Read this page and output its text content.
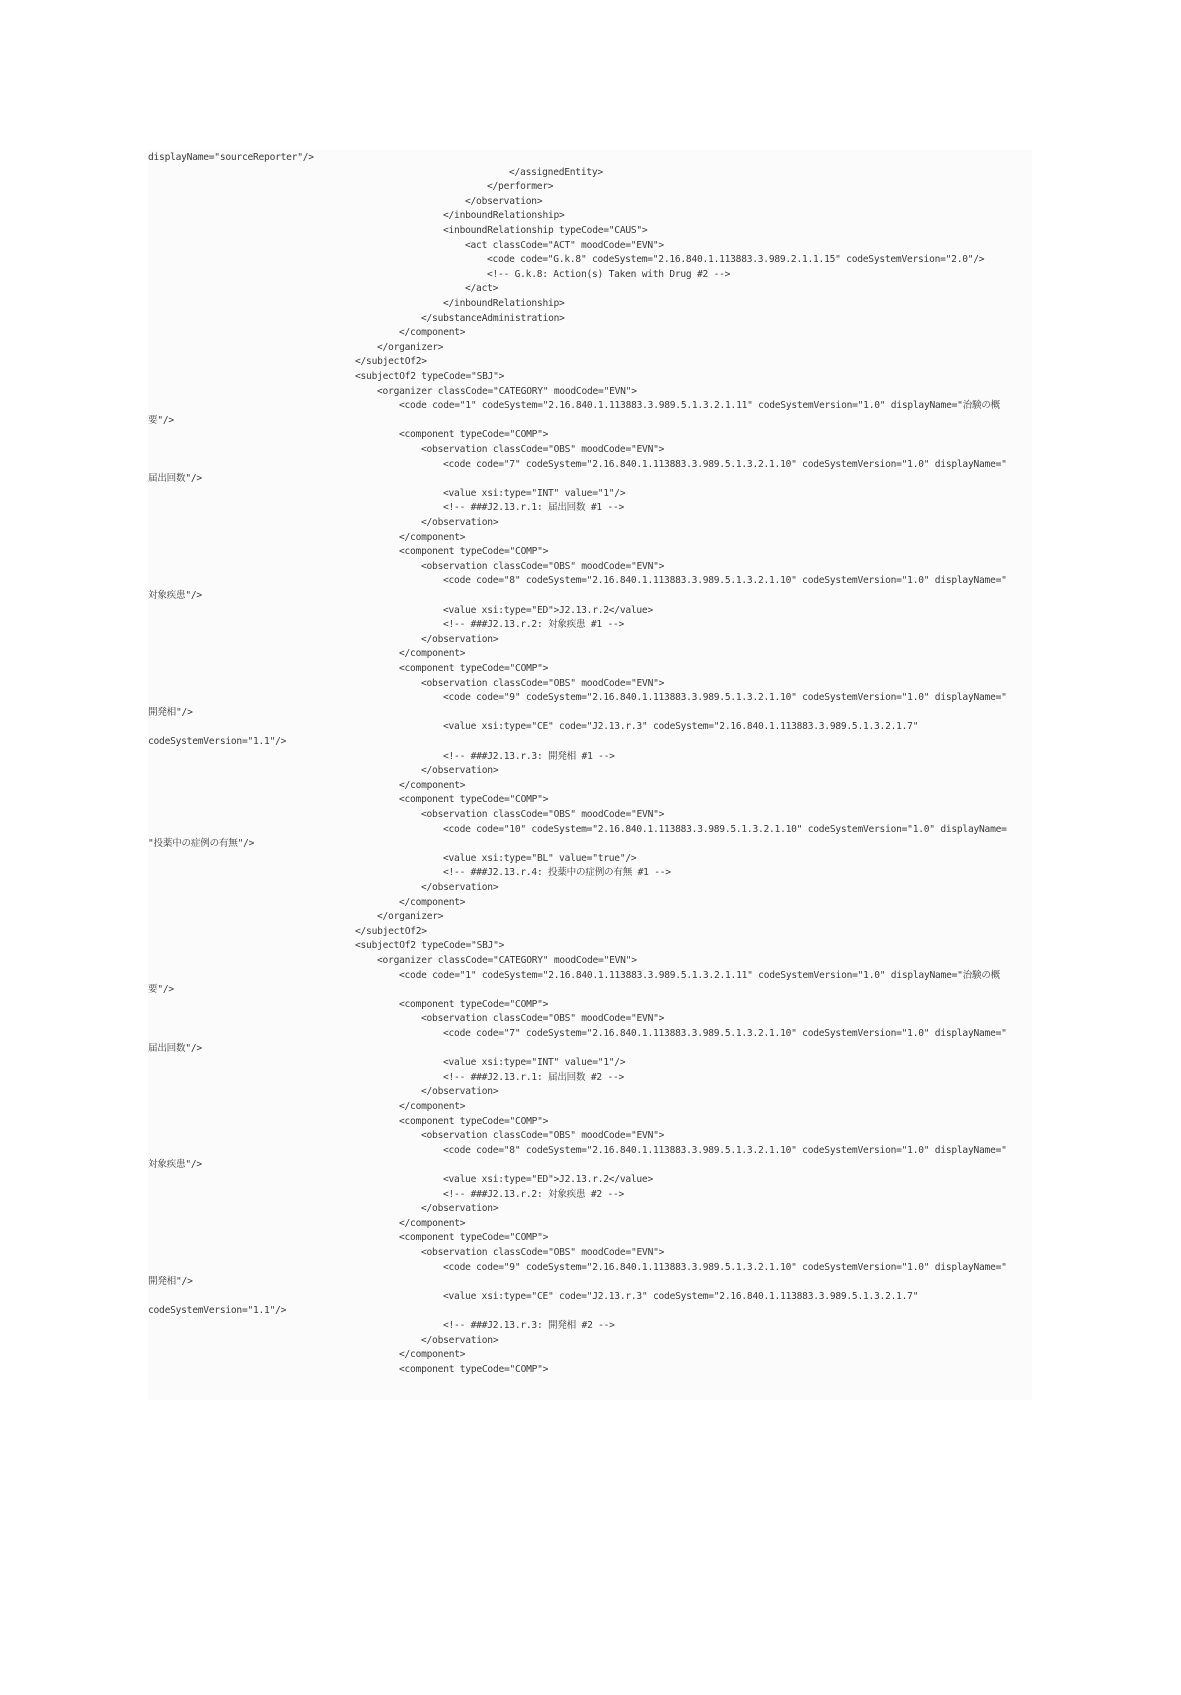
displayName="sourceReporter"/>
</assignedEntity>
</performer>
</observation>
</inboundRelationship>
<inboundRelationship typeCode="CAUS">
<act classCode="ACT" moodCode="EVN">
<code code="G.k.8" codeSystem="2.16.840.1.113883.3.989.2.1.1.15" codeSystemVersion="2.0"/>
<!-- G.k.8: Action(s) Taken with Drug #2 -->
</act>
</inboundRelationship>
</substanceAdministration>
</component>
</organizer>
</subjectOf2>
<subjectOf2 typeCode="SBJ">
<organizer classCode="CATEGORY" moodCode="EVN">
<code code="1" codeSystem="2.16.840.1.113883.3.989.5.1.3.2.1.11" codeSystemVersion="1.0" displayName="治験の概
要"/>
<component typeCode="COMP">
<observation classCode="OBS" moodCode="EVN">
<code code="7" codeSystem="2.16.840.1.113883.3.989.5.1.3.2.1.10" codeSystemVersion="1.0" displayName="
届出回数"/>
<value xsi:type="INT" value="1"/>
<!-- ###J2.13.r.1: 届出回数 #1 -->
</observation>
</component>
<component typeCode="COMP">
<observation classCode="OBS" moodCode="EVN">
<code code="8" codeSystem="2.16.840.1.113883.3.989.5.1.3.2.1.10" codeSystemVersion="1.0" displayName="
対象疾患"/>
<value xsi:type="ED">J2.13.r.2</value>
<!-- ###J2.13.r.2: 対象疾患 #1 -->
</observation>
</component>
<component typeCode="COMP">
<observation classCode="OBS" moodCode="EVN">
<code code="9" codeSystem="2.16.840.1.113883.3.989.5.1.3.2.1.10" codeSystemVersion="1.0" displayName="
開発相"/>
<value xsi:type="CE" code="J2.13.r.3" codeSystem="2.16.840.1.113883.3.989.5.1.3.2.1.7"
codeSystemVersion="1.1"/>
<!-- ###J2.13.r.3: 開発相 #1 -->
</observation>
</component>
<component typeCode="COMP">
<observation classCode="OBS" moodCode="EVN">
<code code="10" codeSystem="2.16.840.1.113883.3.989.5.1.3.2.1.10" codeSystemVersion="1.0" displayName=
"投薬中の症例の有無"/>
<value xsi:type="BL" value="true"/>
<!-- ###J2.13.r.4: 投薬中の症例の有無 #1 -->
</observation>
</component>
</organizer>
</subjectOf2>
<subjectOf2 typeCode="SBJ">
<organizer classCode="CATEGORY" moodCode="EVN">
<code code="1" codeSystem="2.16.840.1.113883.3.989.5.1.3.2.1.11" codeSystemVersion="1.0" displayName="治験の概
要"/>
<component typeCode="COMP">
<observation classCode="OBS" moodCode="EVN">
<code code="7" codeSystem="2.16.840.1.113883.3.989.5.1.3.2.1.10" codeSystemVersion="1.0" displayName="
届出回数"/>
<value xsi:type="INT" value="1"/>
<!-- ###J2.13.r.1: 届出回数 #2 -->
</observation>
</component>
<component typeCode="COMP">
<observation classCode="OBS" moodCode="EVN">
<code code="8" codeSystem="2.16.840.1.113883.3.989.5.1.3.2.1.10" codeSystemVersion="1.0" displayName="
対象疾患"/>
<value xsi:type="ED">J2.13.r.2</value>
<!-- ###J2.13.r.2: 対象疾患 #2 -->
</observation>
</component>
<component typeCode="COMP">
<observation classCode="OBS" moodCode="EVN">
<code code="9" codeSystem="2.16.840.1.113883.3.989.5.1.3.2.1.10" codeSystemVersion="1.0" displayName="
開発相"/>
<value xsi:type="CE" code="J2.13.r.3" codeSystem="2.16.840.1.113883.3.989.5.1.3.2.1.7"
codeSystemVersion="1.1"/>
<!-- ###J2.13.r.3: 開発相 #2 -->
</observation>
</component>
<component typeCode="COMP">
